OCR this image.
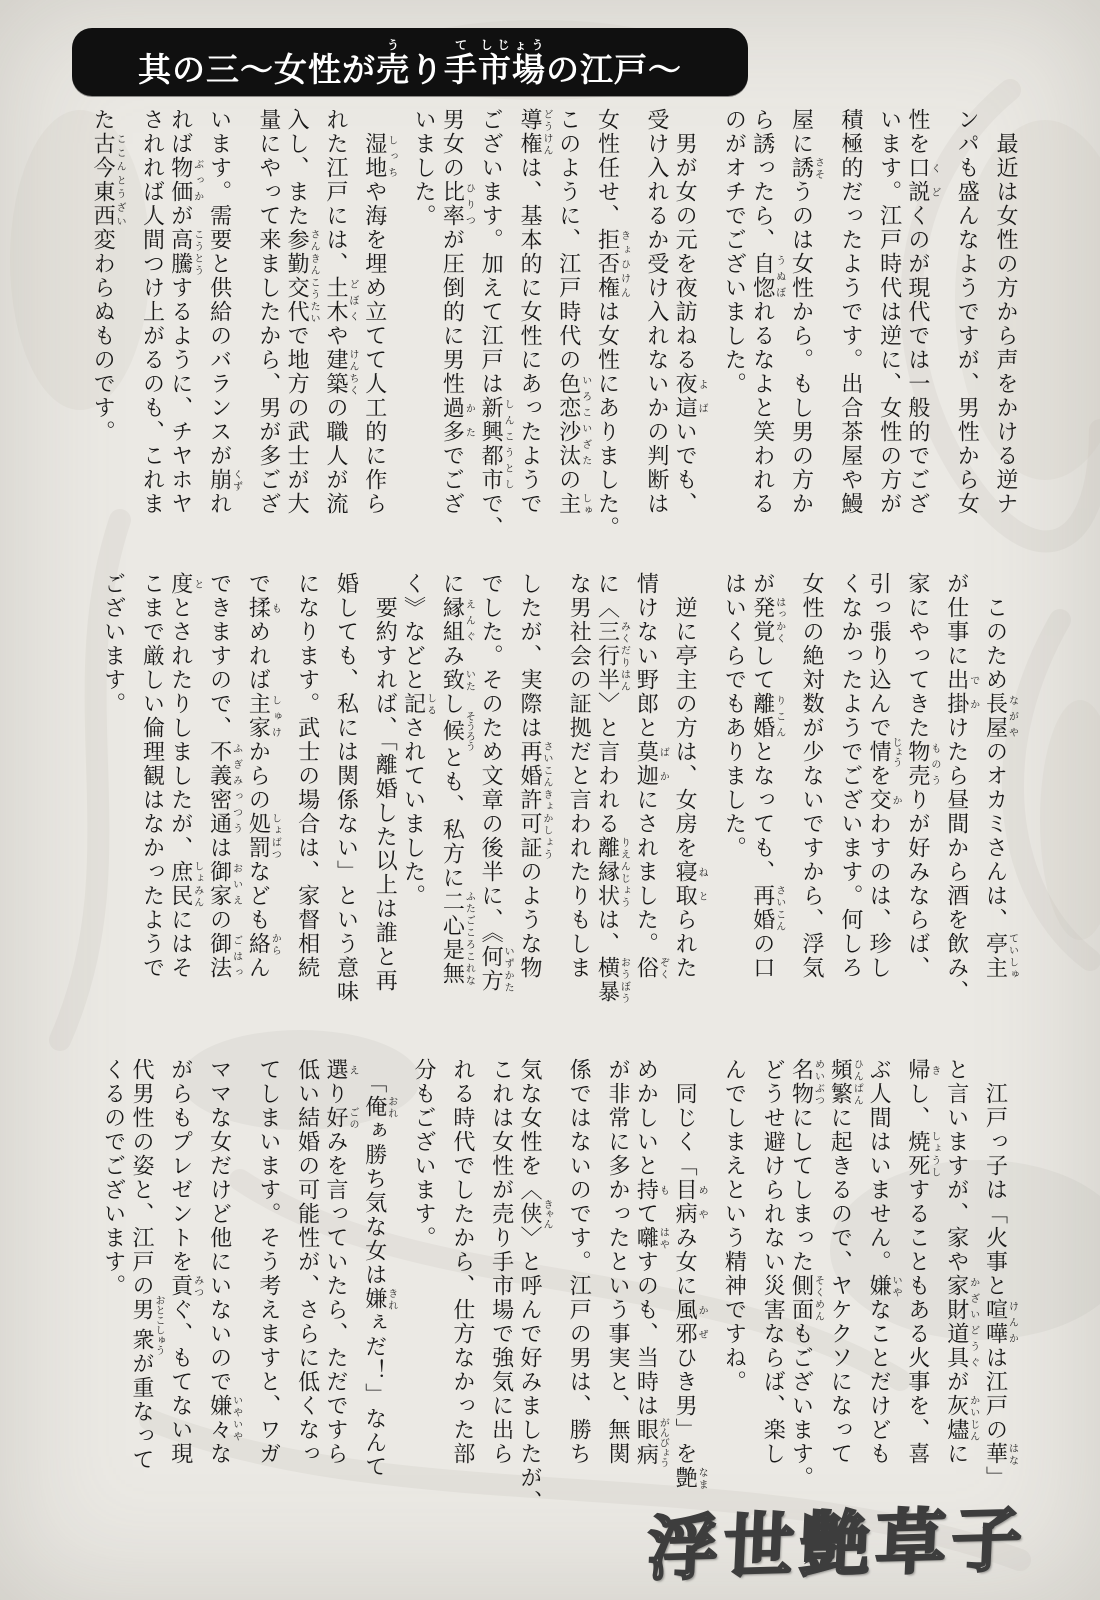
其の三〜女性が売うり手て市場しじょうの江戸〜
　最近は女性の方から声をかける逆ナ
ンパも盛んなようですが、男性から女
性を口説くどくのが現代では一般的でござ
います。江戸時代は逆に、女性の方が
積極的だったようです。出合茶屋や鰻
屋に誘さそうのは女性から。もし男の方か
ら誘ったら、自惚うぬぼれるなよと笑われる
のがオチでございました。
　男が女の元を夜訪ねる夜這よばいでも、
受け入れるか受け入れないかの判断は
女性任せ、拒否権きょひけんは女性にありました。
このように、江戸時代の色恋沙汰いろこいざたの主しゅ
導権どうけんは、基本的に女性にあったようで
ございます。加えて江戸は新興都市しんこうとしで、
男女の比率ひりつが圧倒的に男性過多かたでござ
いました。
　湿地しっちや海を埋め立てて人工的に作ら
れた江戸には、土木どぼくや建築けんちくの職人が流
入し、また参勤交代さんきんこうたいで地方の武士が大
量にやって来ましたから、男が多ござ
います。需要と供給のバランスが崩くずれ
れば物価ぶっかが高騰こうとうするように、チヤホヤ
されれば人間つけ上がるのも、これま
た古今東西ここんとうざい変わらぬものです。
　このため長屋ながやのオカミさんは、亭主ていしゅ
が仕事に出掛でかけたら昼間から酒を飲み、
家にやってきた物売ものうりが好みならば、
引っ張り込んで情じょうを交かわすのは、珍し
くなかったようでございます。何しろ
女性の絶対数が少ないですから、浮気
が発覚はっかくして離婚りこんとなっても、再婚さいこんの口
はいくらでもありました。
　逆に亭主の方は、女房を寝取ねとられた
情けない野郎と莫迦ばかにされました。俗ぞく
に〈三行半みくだりはん〉と言われる離縁状りえんじょうは、横暴おうぼう
な男社会の証拠だと言われたりもしま
したが、実際は再婚許可証さいこんきょかしょうのような物
でした。そのため文章の後半に、《何方いずかた
に縁組えんぐみ致いたし候そうろうとも、私方に二心是無ふたごころこれな
く》などと記しるされていました。
　要約すれば、「離婚した以上は誰と再
婚しても、私には関係ない」という意味
になります。武士の場合は、家督相続
で揉もめれば主家しゅけからの処罰しょばつなども絡からん
できますので、不義密通ふぎみっつうは御家おいえの御法ごはっ
度ととされたりしましたが、庶民しょみんにはそ
こまで厳しい倫理観はなかったようで
ございます。
　江戸っ子は「火事と喧嘩けんかは江戸の華はな」
と言いますが、家や家財道具かざいどうぐが灰燼かいじんに
帰きし、焼死しょうしすることもある火事を、喜
ぶ人間はいません。嫌いやなことだけども
頻繁ひんぱんに起きるので、ヤケクソになって
名物めいぶつにしてしまった側面そくめんもございます。
どうせ避けられない災害ならば、楽し
んでしまえという精神ですね。
　同じく「目病めやみ女に風邪かぜひき男」を艶なま
めかしいと持もて囃はやすのも、当時は眼病がんびょう
が非常に多かったという事実と、無関
係ではないのです。江戸の男は、勝ち
気な女性を〈侠きゃん〉と呼んで好みましたが、
これは女性が売り手市場で強気に出ら
れる時代でしたから、仕方なかった部
分もございます。
　「俺おれぁ勝ち気な女は嫌きれぇだ！」なんて
選えり好ごのみを言っていたら、ただですら
低い結婚の可能性が、さらに低くなっ
てしまいます。そう考えますと、ワガ
ママな女だけど他にいないので嫌々いやいやな
がらもプレゼントを貢みつぐ、もてない現
代男性の姿と、江戸の男衆おとこしゅうが重なって
くるのでございます。
浮世艶草子
